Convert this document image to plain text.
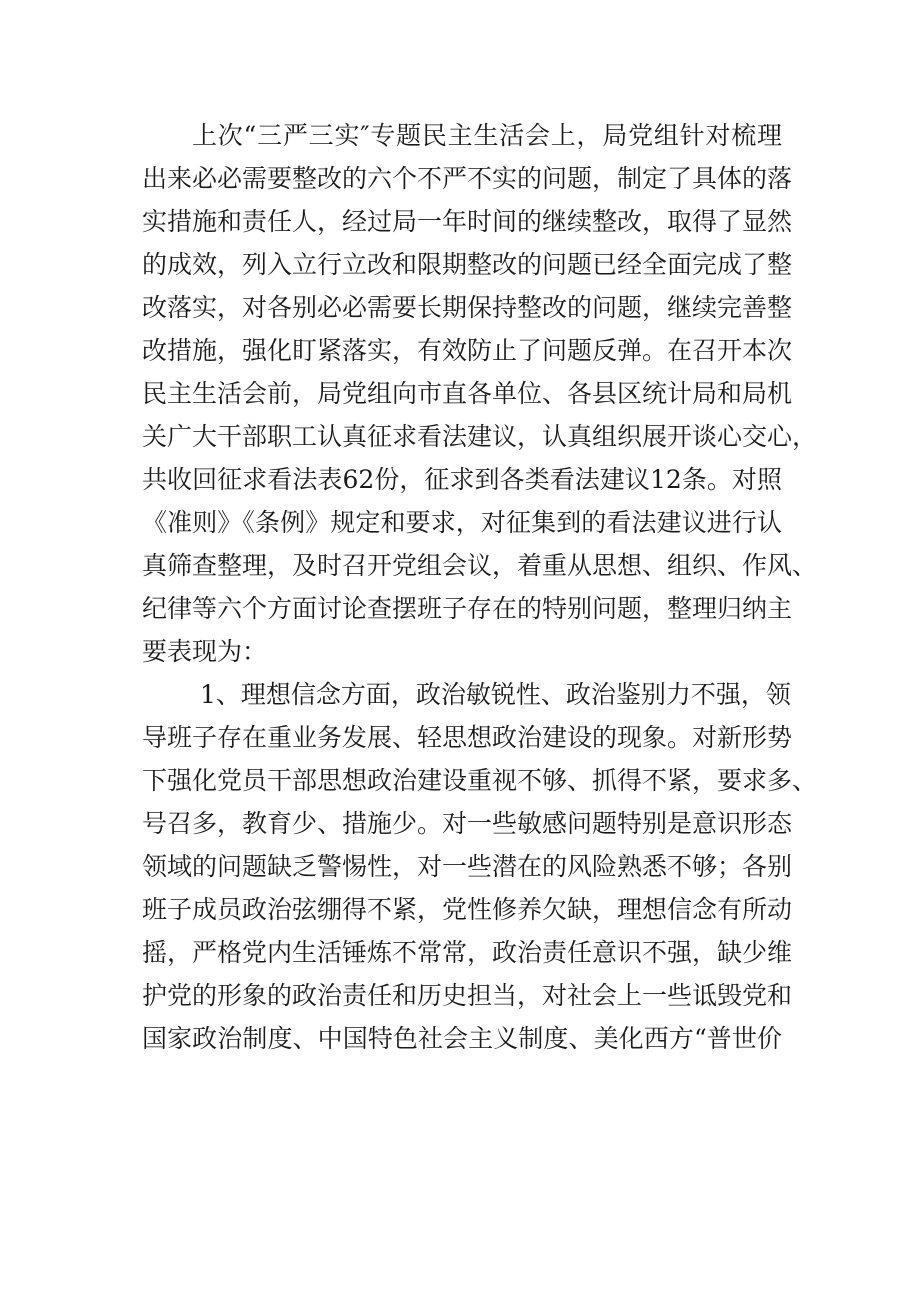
上次“三严三实″专题民主生活会上，局党组针对梳理
出来必必需要整改的六个不严不实的问题，制定了具体的落
实措施和责任人，经过局一年时间的继续整改，取得了显然
的成效，列入立行立改和限期整改的问题已经全面完成了整
改落实，对各别必必需要长期保持整改的问题，继续完善整
改措施，强化盯紧落实，有效防止了问题反弹。在召开本次
民主生活会前，局党组向市直各单位、各县区统计局和局机
关广大干部职工认真征求看法建议，认真组织展开谈心交心，
共收回征求看法表62份，征求到各类看法建议12条。对照
《准则》《条例》规定和要求，对征集到的看法建议进行认
真筛查整理，及时召开党组会议，着重从思想、组织、作风、
纪律等六个方面讨论查摆班子存在的特别问题，整理归纳主
要表现为：
1、理想信念方面，政治敏锐性、政治鉴别力不强，领
导班子存在重业务发展、轻思想政治建设的现象。对新形势
下强化党员干部思想政治建设重视不够、抓得不紧，要求多、
号召多，教育少、措施少。对一些敏感问题特别是意识形态
领域的问题缺乏警惕性，对一些潜在的风险熟悉不够；各别
班子成员政治弦绷得不紧，党性修养欠缺，理想信念有所动
摇，严格党内生活锤炼不常常，政治责任意识不强，缺少维
护党的形象的政治责任和历史担当，对社会上一些诋毁党和
国家政治制度、中国特色社会主义制度、美化西方“普世价
